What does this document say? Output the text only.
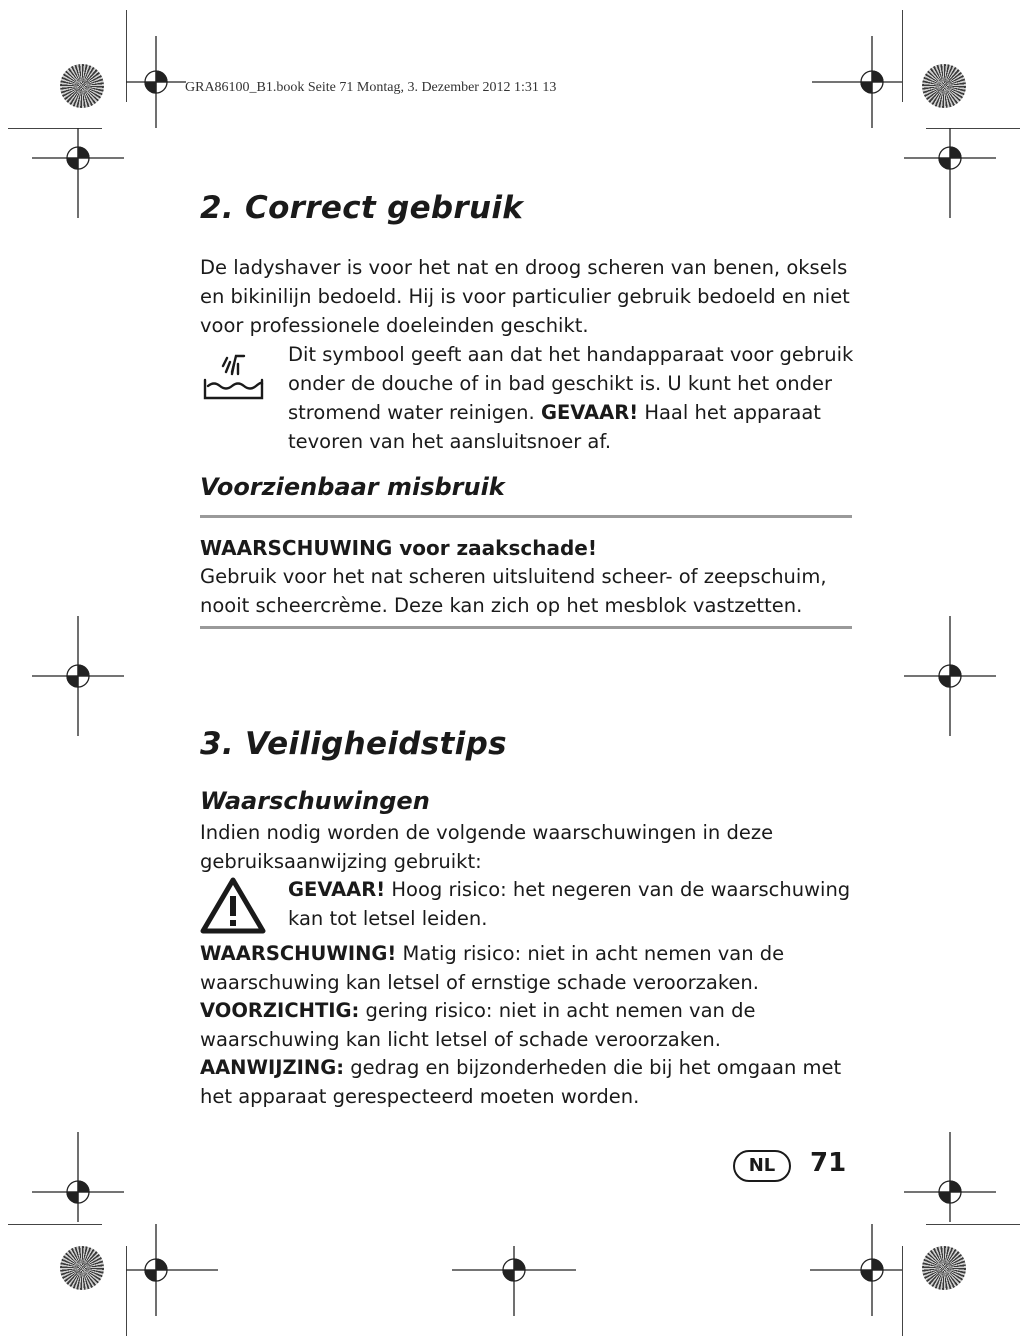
GRA86100_B1.book Seite 71 Montag, 3. Dezember 2012 1:31 13
2. Correct gebruik

De ladyshaver is voor het nat en droog scheren van benen, oksels en bikinilijn bedoeld. Hij is voor particulier gebruik bedoeld en niet voor professionele doeleinden geschikt.

Dit symbool geeft aan dat het handapparaat voor gebruik onder de douche of in bad geschikt is. U kunt het onder stromend water reinigen. GEVAAR! Haal het apparaat tevoren van het aansluitsnoer af.

Voorzienbaar misbruik

WAARSCHUWING voor zaakschade!

Gebruik voor het nat scheren uitsluitend scheer- of zeepschuim, nooit scheercrème. Deze kan zich op het mesblok vastzetten.

3. Veiligheidstips
Waarschuwingen

Indien nodig worden de volgende waarschuwingen in deze gebruiksaanwijzing gebruikt:

GEVAAR! Hoog risico: het negeren van de waarschuwing kan tot letsel leiden.

WAARSCHUWING! Matig risico: niet in acht nemen van de waarschuwing kan letsel of ernstige schade veroorzaken.

VOORZICHTIG: gering risico: niet in acht nemen van de waarschuwing kan licht letsel of schade veroorzaken.

AANWIJZING: gedrag en bijzonderheden die bij het omgaan met het apparaat gerespecteerd moeten worden.

NL	71
